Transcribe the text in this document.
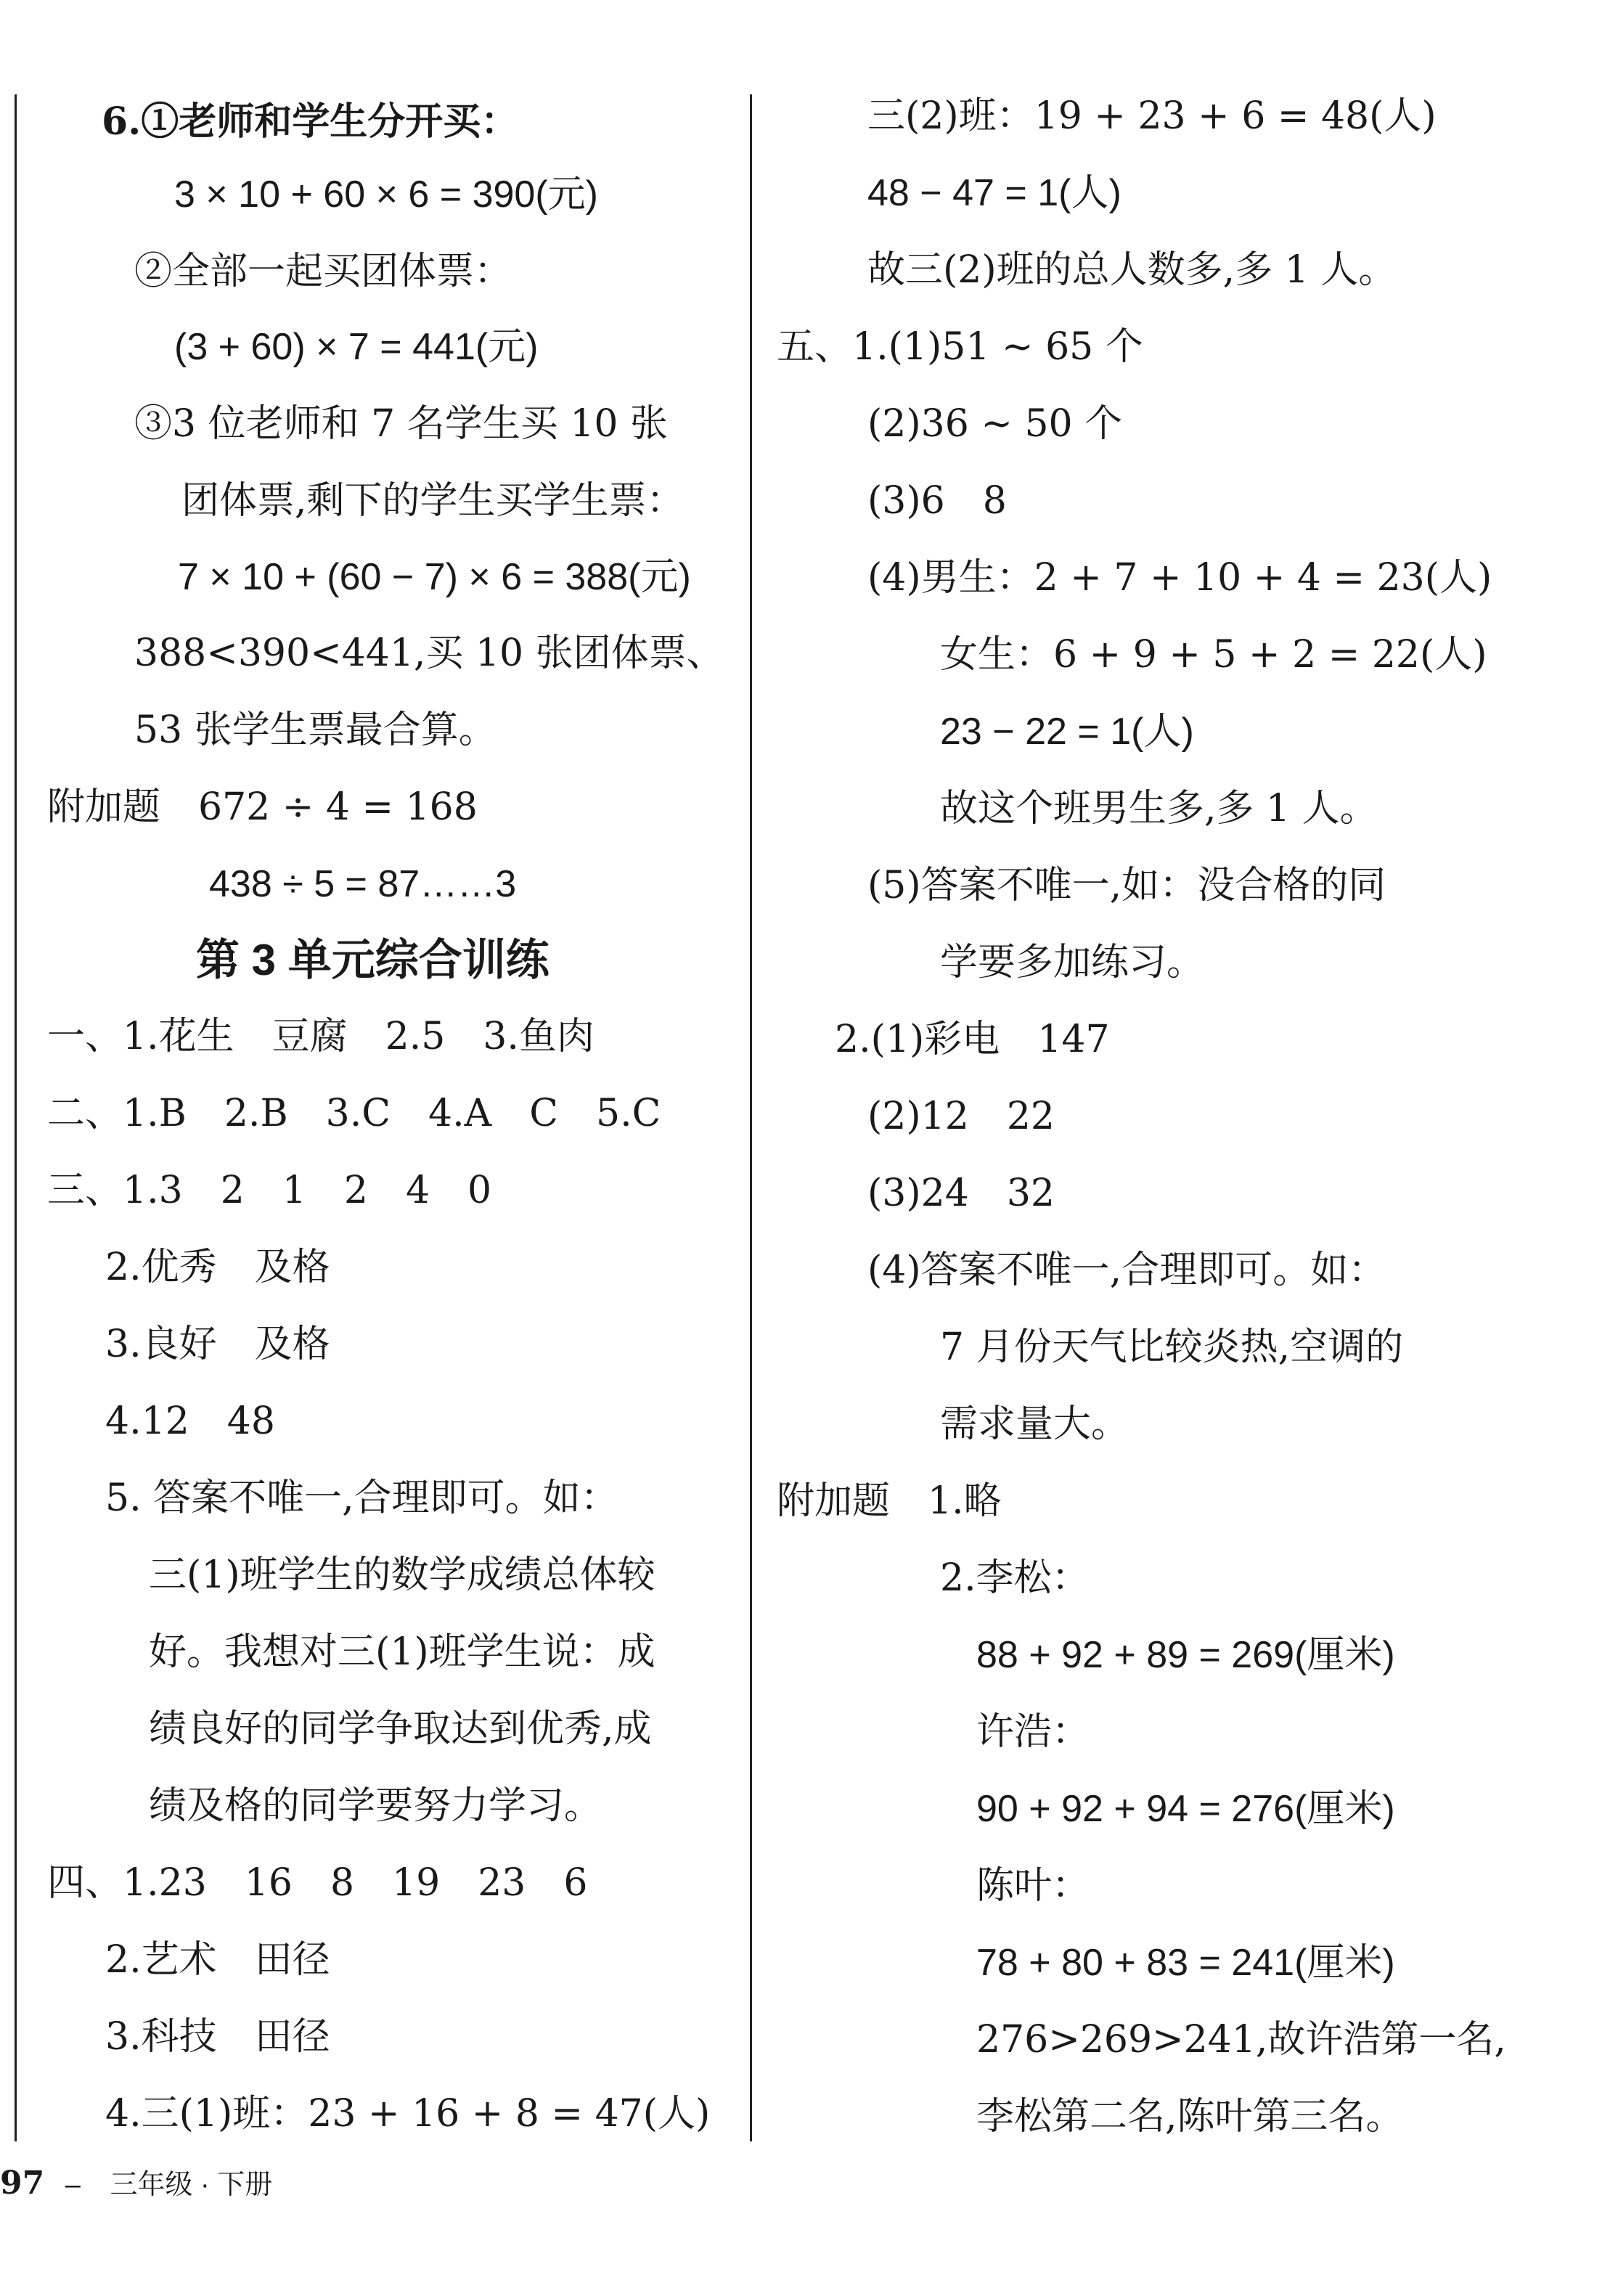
6.①老师和学生分开买：
3 × 10 + 60 × 6 = 390(元)
②全部一起买团体票：
(3 + 60) × 7 = 441(元)
③3 位老师和 7 名学生买 10 张
团体票,剩下的学生买学生票：
7 × 10 + (60 − 7) × 6 = 388(元)
388<390<441,买 10 张团体票、
53 张学生票最合算。
附加题　672 ÷ 4 = 168
438 ÷ 5 = 87……3
第 3 单元综合训练
一、1.花生　豆腐　2.5　3.鱼肉
二、1.B　2.B　3.C　4.A　C　5.C
三、1.3　2　1　2　4　0
2.优秀　及格
3.良好　及格
4.12　48
5. 答案不唯一,合理即可。如：
三(1)班学生的数学成绩总体较
好。我想对三(1)班学生说：成
绩良好的同学争取达到优秀,成
绩及格的同学要努力学习。
四、1.23　16　8　19　23　6
2.艺术　田径
3.科技　田径
4.三(1)班：23 + 16 + 8 = 47(人)
三(2)班：19 + 23 + 6 = 48(人)
48 − 47 = 1(人)
故三(2)班的总人数多,多 1 人。
五、1.(1)51 ~ 65 个
(2)36 ~ 50 个
(3)6　8
(4)男生：2 + 7 + 10 + 4 = 23(人)
女生：6 + 9 + 5 + 2 = 22(人)
23 − 22 = 1(人)
故这个班男生多,多 1 人。
(5)答案不唯一,如：没合格的同
学要多加练习。
2.(1)彩电　147
(2)12　22
(3)24　32
(4)答案不唯一,合理即可。如：
7 月份天气比较炎热,空调的
需求量大。
附加题　1.略
2.李松：
88 + 92 + 89 = 269(厘米)
许浩：
90 + 92 + 94 = 276(厘米)
陈叶：
78 + 80 + 83 = 241(厘米)
276>269>241,故许浩第一名,
李松第二名,陈叶第三名。
97 – 三年级 · 下册
